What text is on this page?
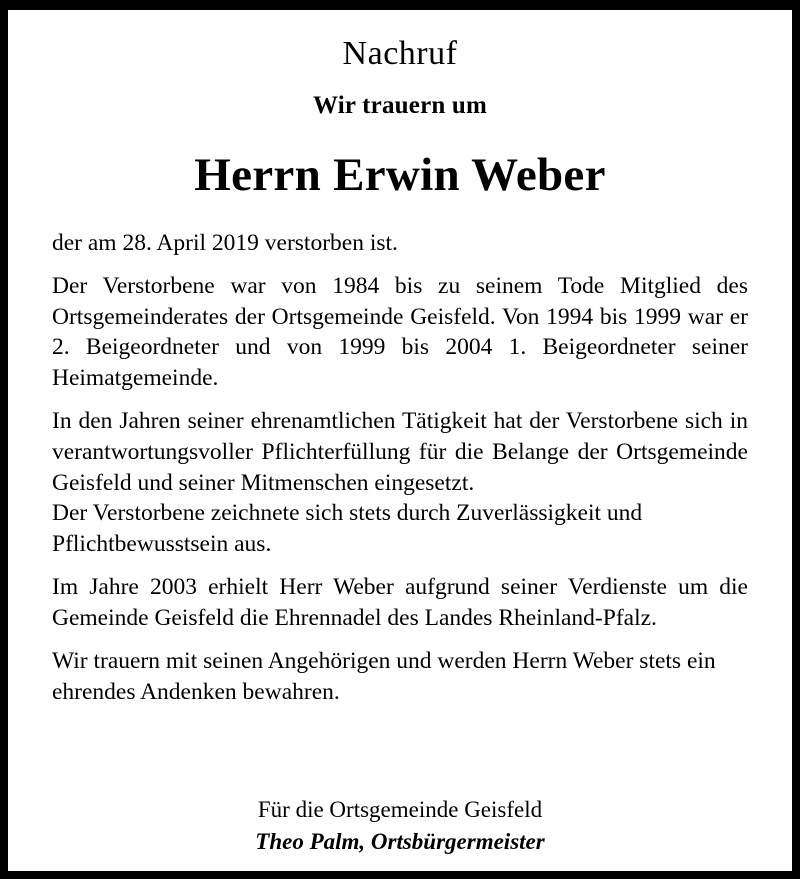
Nachruf
Wir trauern um
Herrn Erwin Weber
der am 28. April 2019 verstorben ist.
Der Verstorbene war von 1984 bis zu seinem Tode Mitglied des Ortsgemeinderates der Ortsgemeinde Geisfeld. Von 1994 bis 1999 war er 2. Beigeordneter und von 1999 bis 2004 1. Beigeordneter seiner Heimatgemeinde.
In den Jahren seiner ehrenamtlichen Tätigkeit hat der Verstorbene sich in verantwortungsvoller Pflichterfüllung für die Belange der Ortsgemeinde Geisfeld und seiner Mitmenschen eingesetzt.
Der Verstorbene zeichnete sich stets durch Zuverlässigkeit und Pflichtbewusstsein aus.
Im Jahre 2003 erhielt Herr Weber aufgrund seiner Verdienste um die Gemeinde Geisfeld die Ehrennadel des Landes Rheinland-Pfalz.
Wir trauern mit seinen Angehörigen und werden Herrn Weber stets ein ehrendes Andenken bewahren.
Für die Ortsgemeinde Geisfeld
Theo Palm, Ortsbürgermeister
